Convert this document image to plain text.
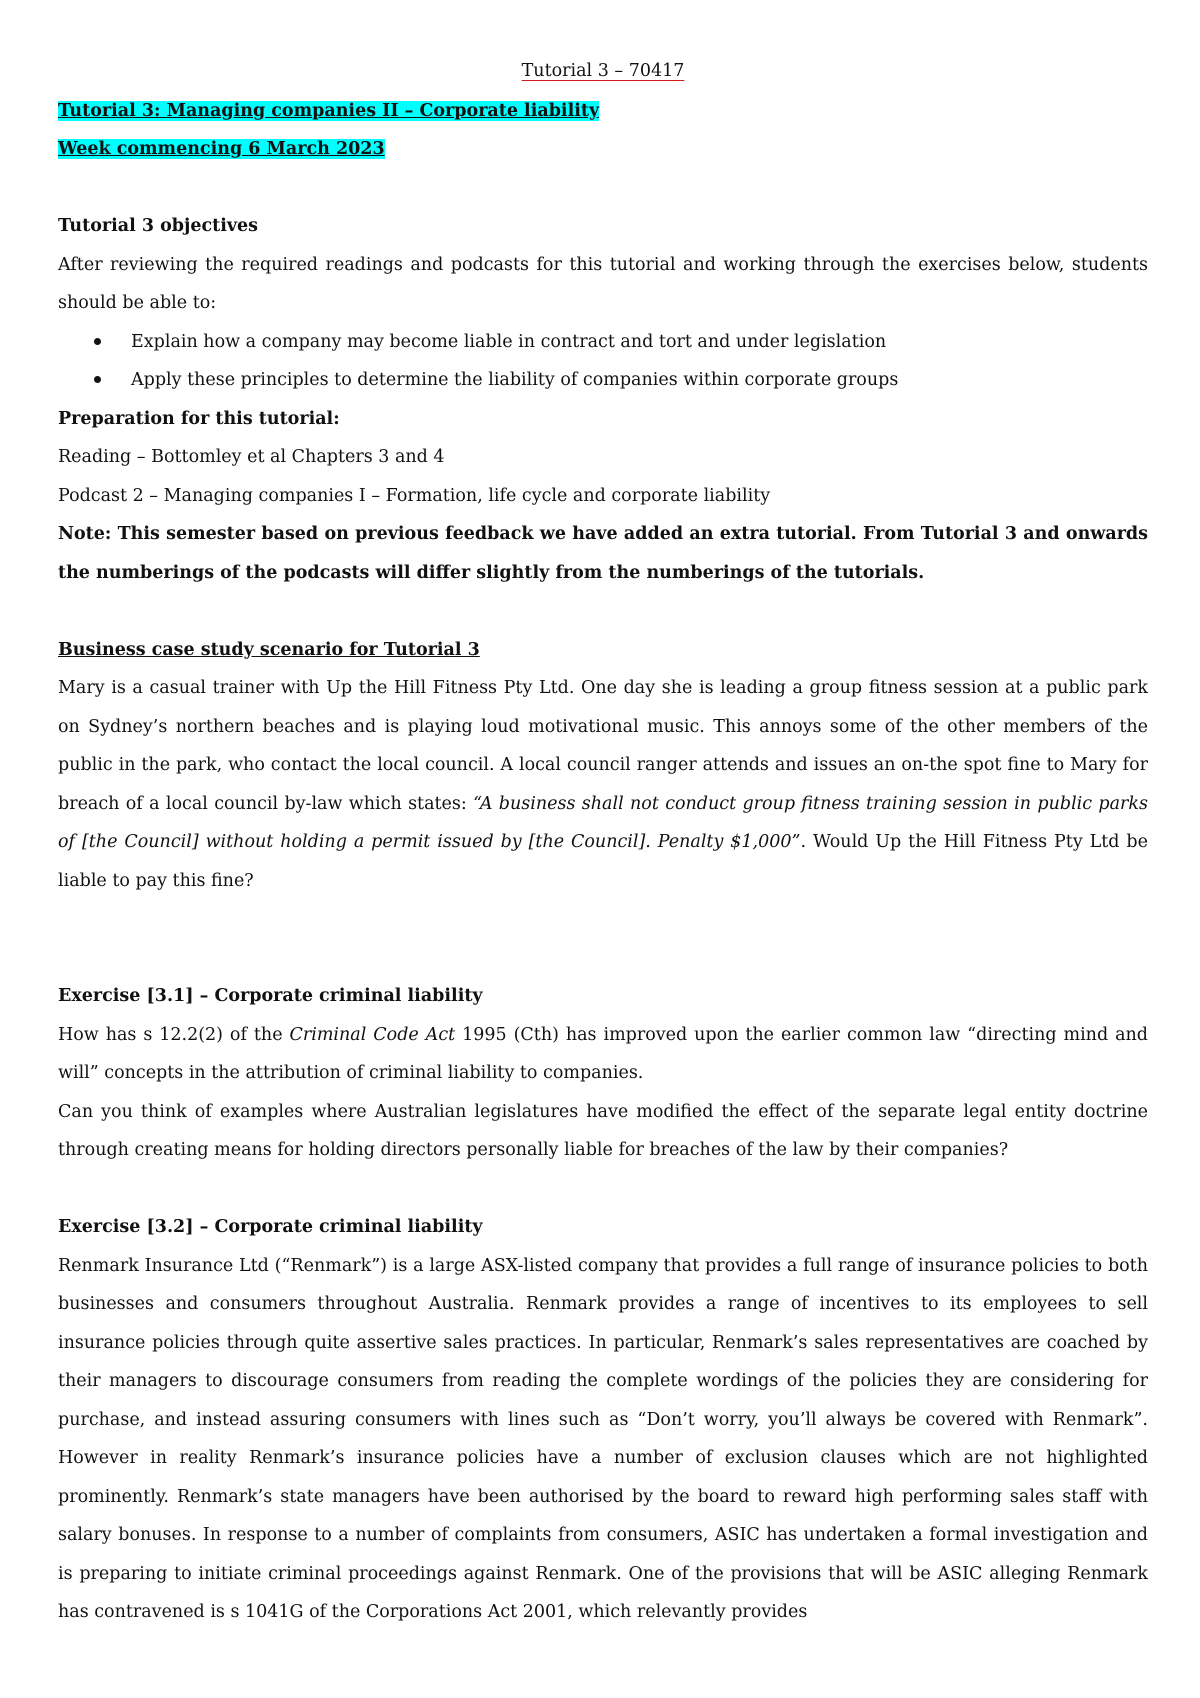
Tutorial 3 – 70417

Tutorial 3: Managing companies II – Corporate liability

Week commencing 6 March 2023

Tutorial 3 objectives

After reviewing the required readings and podcasts for this tutorial and working through the exercises below, students should be able to:

Explain how a company may become liable in contract and tort and under legislation
Apply these principles to determine the liability of companies within corporate groups

Preparation for this tutorial:

Reading – Bottomley et al Chapters 3 and 4

Podcast 2 – Managing companies I – Formation, life cycle and corporate liability

Note: This semester based on previous feedback we have added an extra tutorial. From Tutorial 3 and onwards the numberings of the podcasts will differ slightly from the numberings of the tutorials.

Business case study scenario for Tutorial 3

Mary is a casual trainer with Up the Hill Fitness Pty Ltd. One day she is leading a group fitness session at a public park on Sydney’s northern beaches and is playing loud motivational music. This annoys some of the other members of the public in the park, who contact the local council. A local council ranger attends and issues an on-the spot fine to Mary for breach of a local council by-law which states: “A business shall not conduct group fitness training session in public parks of [the Council] without holding a permit issued by [the Council]. Penalty $1,000”. Would Up the Hill Fitness Pty Ltd be liable to pay this fine?

Exercise [3.1] – Corporate criminal liability

How has s 12.2(2) of the Criminal Code Act 1995 (Cth) has improved upon the earlier common law “directing mind and will” concepts in the attribution of criminal liability to companies.

Can you think of examples where Australian legislatures have modified the effect of the separate legal entity doctrine through creating means for holding directors personally liable for breaches of the law by their companies?

Exercise [3.2] – Corporate criminal liability

Renmark Insurance Ltd (“Renmark”) is a large ASX-listed company that provides a full range of insurance policies to both businesses and consumers throughout Australia. Renmark provides a range of incentives to its employees to sell insurance policies through quite assertive sales practices. In particular, Renmark’s sales representatives are coached by their managers to discourage consumers from reading the complete wordings of the policies they are considering for purchase, and instead assuring consumers with lines such as “Don’t worry, you’ll always be covered with Renmark”. However in reality Renmark’s insurance policies have a number of exclusion clauses which are not highlighted prominently. Renmark’s state managers have been authorised by the board to reward high performing sales staff with salary bonuses. In response to a number of complaints from consumers, ASIC has undertaken a formal investigation and is preparing to initiate criminal proceedings against Renmark. One of the provisions that will be ASIC alleging Renmark has contravened is s 1041G of the Corporations Act 2001, which relevantly provides
